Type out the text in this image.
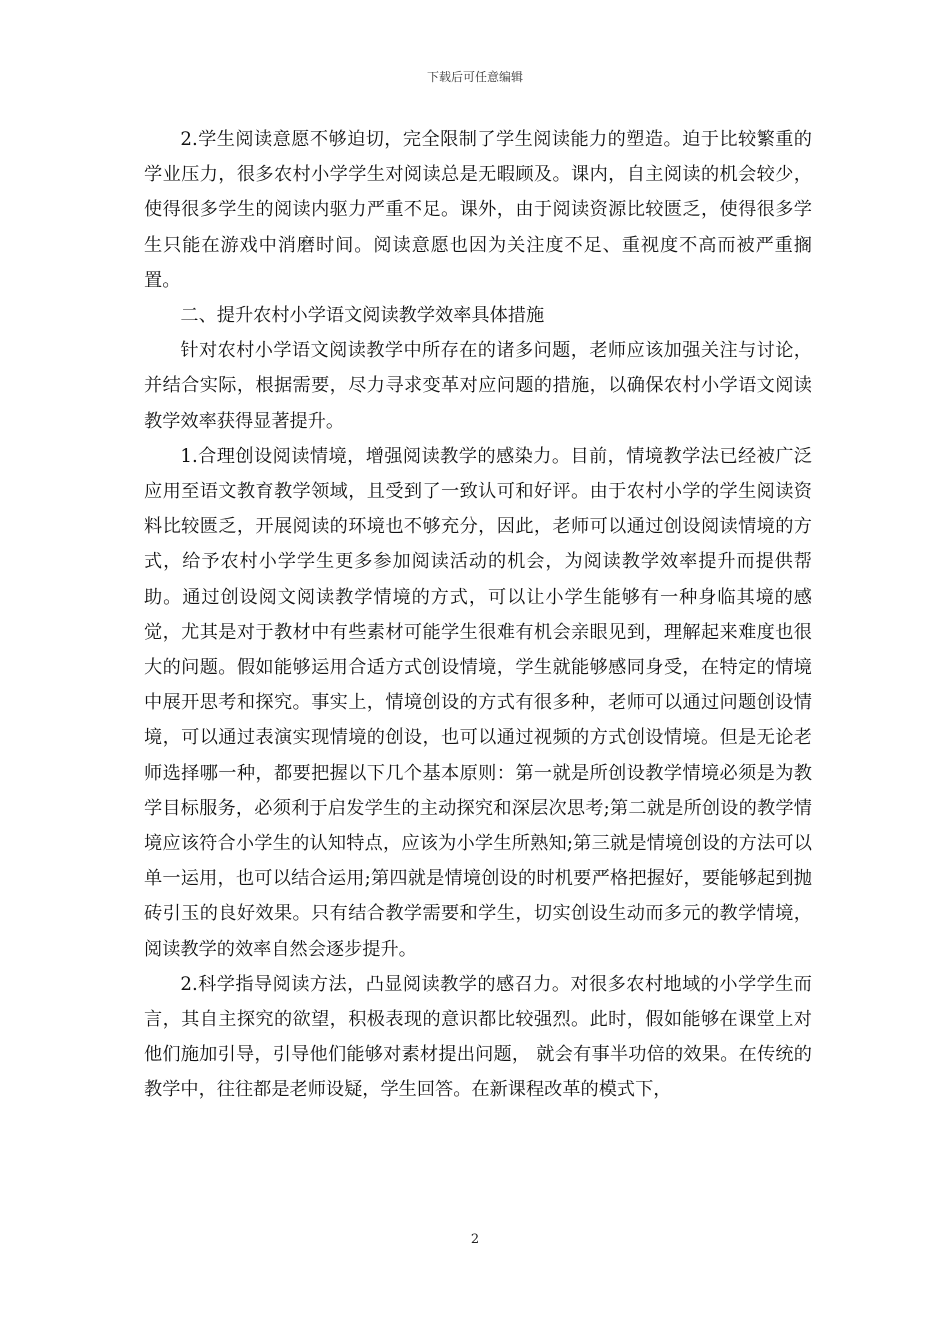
下载后可任意编辑

2.学生阅读意愿不够迫切，完全限制了学生阅读能力的塑造。迫于比较繁重的学业压力，很多农村小学学生对阅读总是无暇顾及。课内，自主阅读的机会较少，使得很多学生的阅读内驱力严重不足。课外，由于阅读资源比较匮乏，使得很多学生只能在游戏中消磨时间。阅读意愿也因为关注度不足、重视度不高而被严重搁置。

二、提升农村小学语文阅读教学效率具体措施

针对农村小学语文阅读教学中所存在的诸多问题，老师应该加强关注与讨论，并结合实际，根据需要，尽力寻求变革对应问题的措施，以确保农村小学语文阅读教学效率获得显著提升。

1.合理创设阅读情境，增强阅读教学的感染力。目前，情境教学法已经被广泛应用至语文教育教学领域，且受到了一致认可和好评。由于农村小学的学生阅读资料比较匮乏，开展阅读的环境也不够充分，因此，老师可以通过创设阅读情境的方式，给予农村小学学生更多参加阅读活动的机会，为阅读教学效率提升而提供帮助。通过创设阅文阅读教学情境的方式，可以让小学生能够有一种身临其境的感觉，尤其是对于教材中有些素材可能学生很难有机会亲眼见到，理解起来难度也很大的问题。假如能够运用合适方式创设情境，学生就能够感同身受，在特定的情境中展开思考和探究。事实上，情境创设的方式有很多种，老师可以通过问题创设情境，可以通过表演实现情境的创设，也可以通过视频的方式创设情境。但是无论老师选择哪一种，都要把握以下几个基本原则：第一就是所创设教学情境必须是为教学目标服务，必须利于启发学生的主动探究和深层次思考;第二就是所创设的教学情境应该符合小学生的认知特点，应该为小学生所熟知;第三就是情境创设的方法可以单一运用，也可以结合运用;第四就是情境创设的时机要严格把握好，要能够起到抛砖引玉的良好效果。只有结合教学需要和学生，切实创设生动而多元的教学情境，阅读教学的效率自然会逐步提升。

2.科学指导阅读方法，凸显阅读教学的感召力。对很多农村地域的小学学生而言，其自主探究的欲望，积极表现的意识都比较强烈。此时，假如能够在课堂上对他们施加引导，引导他们能够对素材提出问题， 就会有事半功倍的效果。在传统的教学中，往往都是老师设疑，学生回答。在新课程改革的模式下，

2
